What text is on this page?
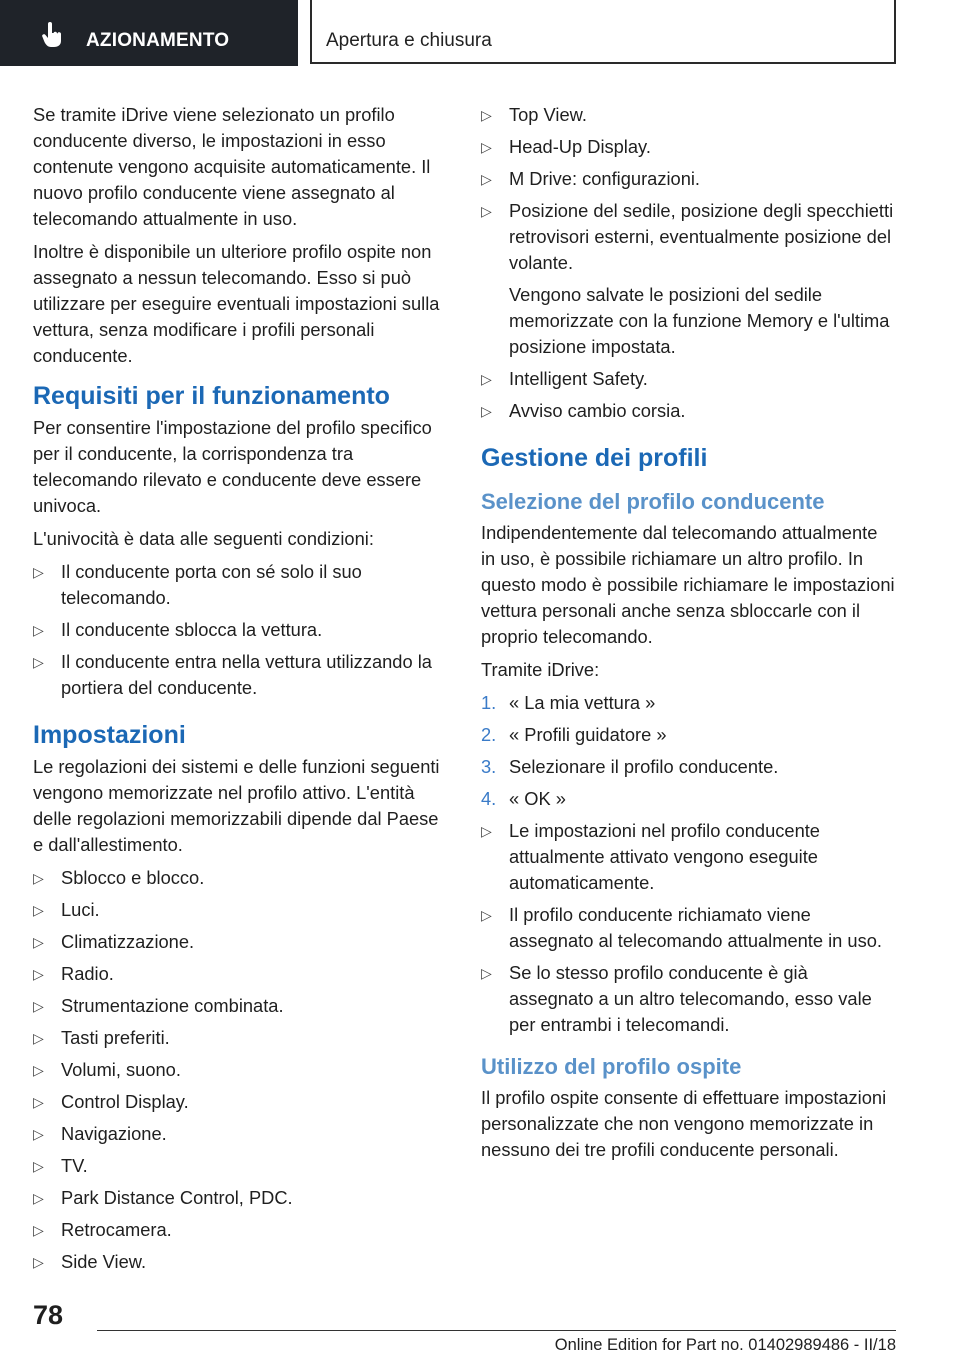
AZIONAMENTO	Apertura e chiusura

Se tramite iDrive viene selezionato un profilo conducente diverso, le impostazioni in esso contenute vengono acquisite automaticamente. Il nuovo profilo conducente viene assegnato al telecomando attualmente in uso.

Inoltre è disponibile un ulteriore profilo ospite non assegnato a nessun telecomando. Esso si può utilizzare per eseguire eventuali impostazioni sulla vettura, senza modificare i profili personali conducente.

Requisiti per il funzionamento

Per consentire l'impostazione del profilo specifico per il conducente, la corrispondenza tra telecomando rilevato e conducente deve essere univoca.

L'univocità è data alle seguenti condizioni:

▷ Il conducente porta con sé solo il suo telecomando.
▷ Il conducente sblocca la vettura.
▷ Il conducente entra nella vettura utilizzando la portiera del conducente.
Impostazioni

Le regolazioni dei sistemi e delle funzioni seguenti vengono memorizzate nel profilo attivo. L'entità delle regolazioni memorizzabili dipende dal Paese e dall'allestimento.

▷ Sblocco e blocco.
▷ Luci.
▷ Climatizzazione.
▷ Radio.
▷ Strumentazione combinata.
▷ Tasti preferiti.
▷ Volumi, suono.
▷ Control Display.
▷ Navigazione.
▷ TV.
▷ Park Distance Control, PDC.
▷ Retrocamera.
▷ Side View.
▷ Top View.
▷ Head-Up Display.
▷ M Drive: configurazioni.
▷ Posizione del sedile, posizione degli specchietti retrovisori esterni, eventualmente posizione del volante.
Vengono salvate le posizioni del sedile memorizzate con la funzione Memory e l'ultima posizione impostata.
▷ Intelligent Safety.
▷ Avviso cambio corsia.
Gestione dei profili
Selezione del profilo conducente

Indipendentemente dal telecomando attualmente in uso, è possibile richiamare un altro profilo. In questo modo è possibile richiamare le impostazioni vettura personali anche senza sbloccarle con il proprio telecomando.

Tramite iDrive:

1. « La mia vettura »
2. « Profili guidatore »
3. Selezionare il profilo conducente.
4. « OK »
▷ Le impostazioni nel profilo conducente attualmente attivato vengono eseguite automaticamente.
▷ Il profilo conducente richiamato viene assegnato al telecomando attualmente in uso.
▷ Se lo stesso profilo conducente è già assegnato a un altro telecomando, esso vale per entrambi i telecomandi.
Utilizzo del profilo ospite

Il profilo ospite consente di effettuare impostazioni personalizzate che non vengono memorizzate in nessuno dei tre profili conducente personali.

78
Online Edition for Part no. 01402989486 - II/18
